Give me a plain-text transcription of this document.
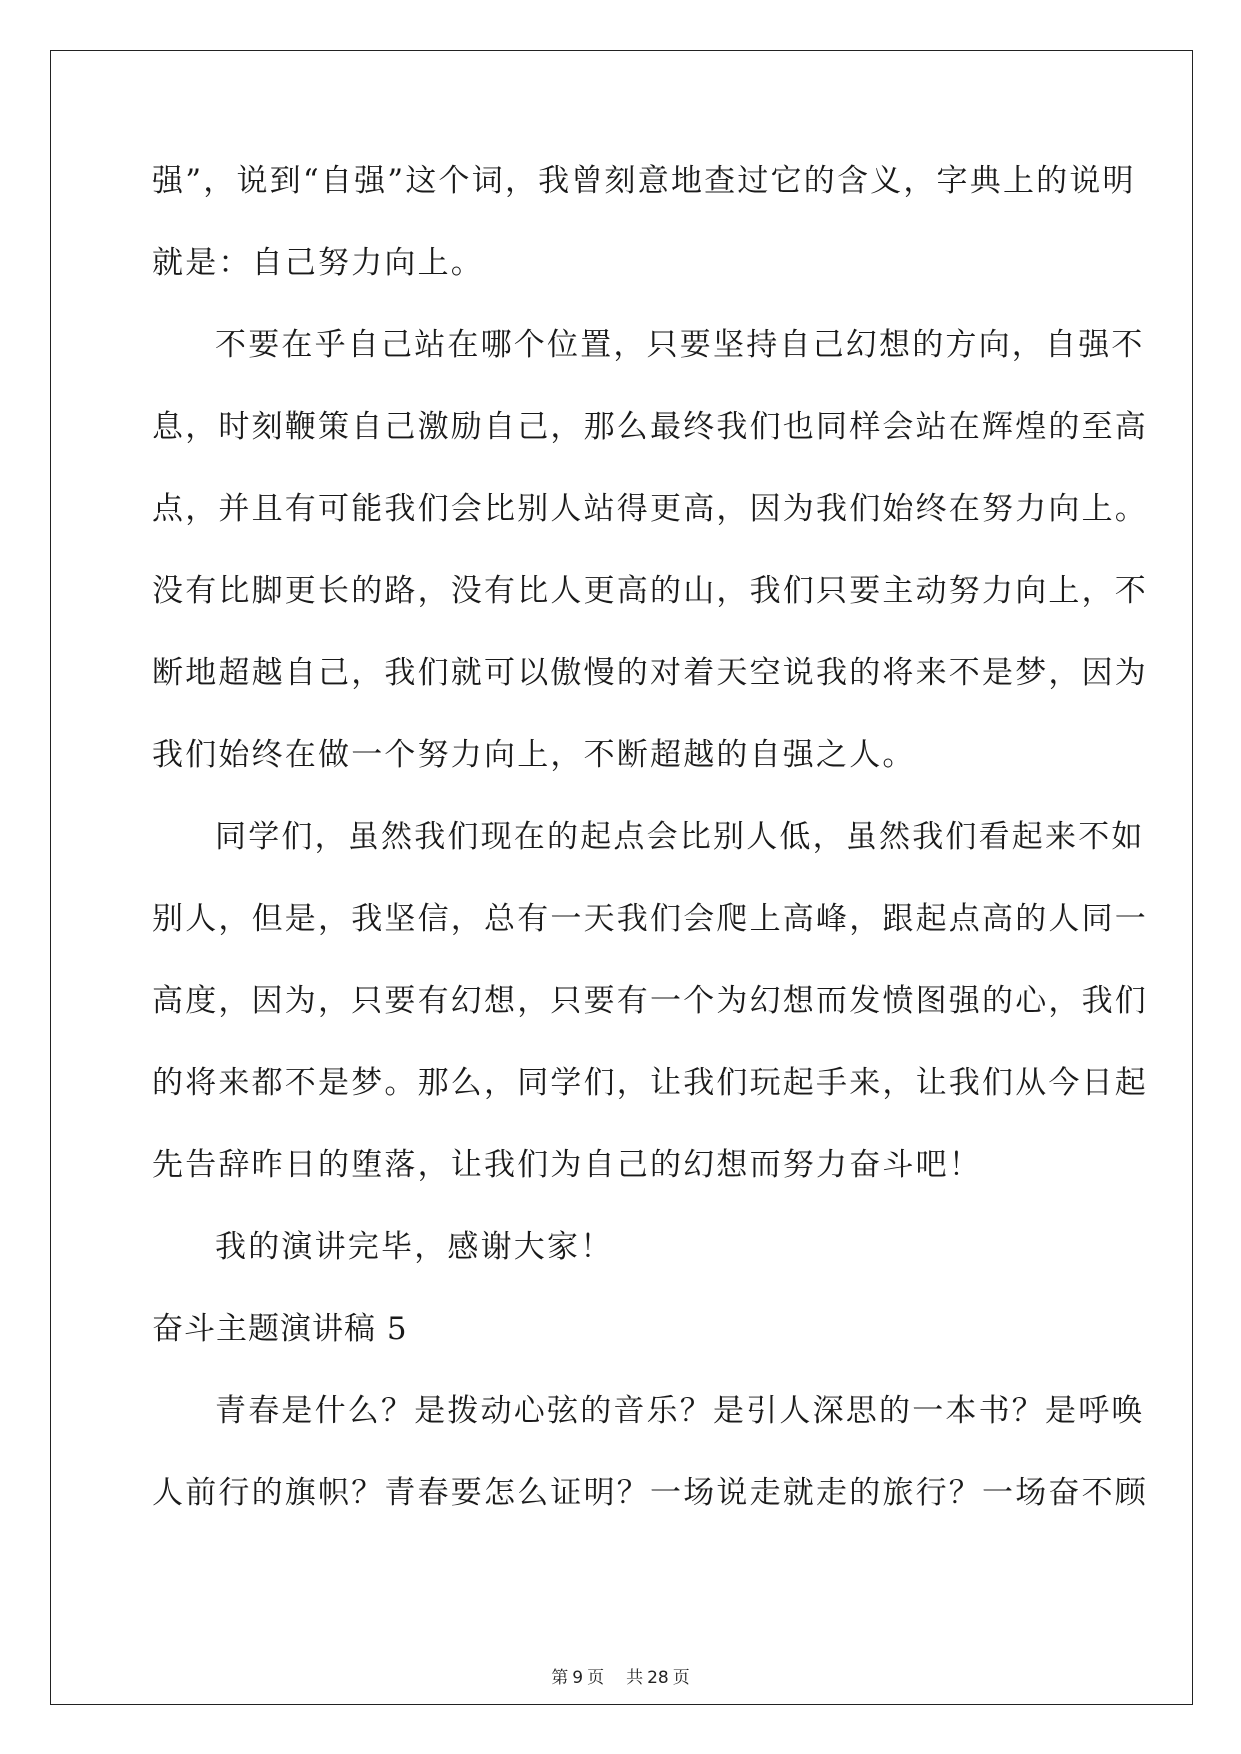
强”，说到“自强”这个词，我曾刻意地查过它的含义，字典上的说明
就是：自己努力向上。
不要在乎自己站在哪个位置，只要坚持自己幻想的方向，自强不
息，时刻鞭策自己激励自己，那么最终我们也同样会站在辉煌的至高
点，并且有可能我们会比别人站得更高，因为我们始终在努力向上。
没有比脚更长的路，没有比人更高的山，我们只要主动努力向上，不
断地超越自己，我们就可以傲慢的对着天空说我的将来不是梦，因为
我们始终在做一个努力向上，不断超越的自强之人。
同学们，虽然我们现在的起点会比别人低，虽然我们看起来不如
别人，但是，我坚信，总有一天我们会爬上高峰，跟起点高的人同一
高度，因为，只要有幻想，只要有一个为幻想而发愤图强的心，我们
的将来都不是梦。那么，同学们，让我们玩起手来，让我们从今日起
先告辞昨日的堕落，让我们为自己的幻想而努力奋斗吧！
我的演讲完毕，感谢大家！
奋斗主题演讲稿 5
青春是什么？是拨动心弦的音乐？是引人深思的一本书？是呼唤
人前行的旗帜？青春要怎么证明？一场说走就走的旅行？一场奋不顾
第 9 页 共 28 页
